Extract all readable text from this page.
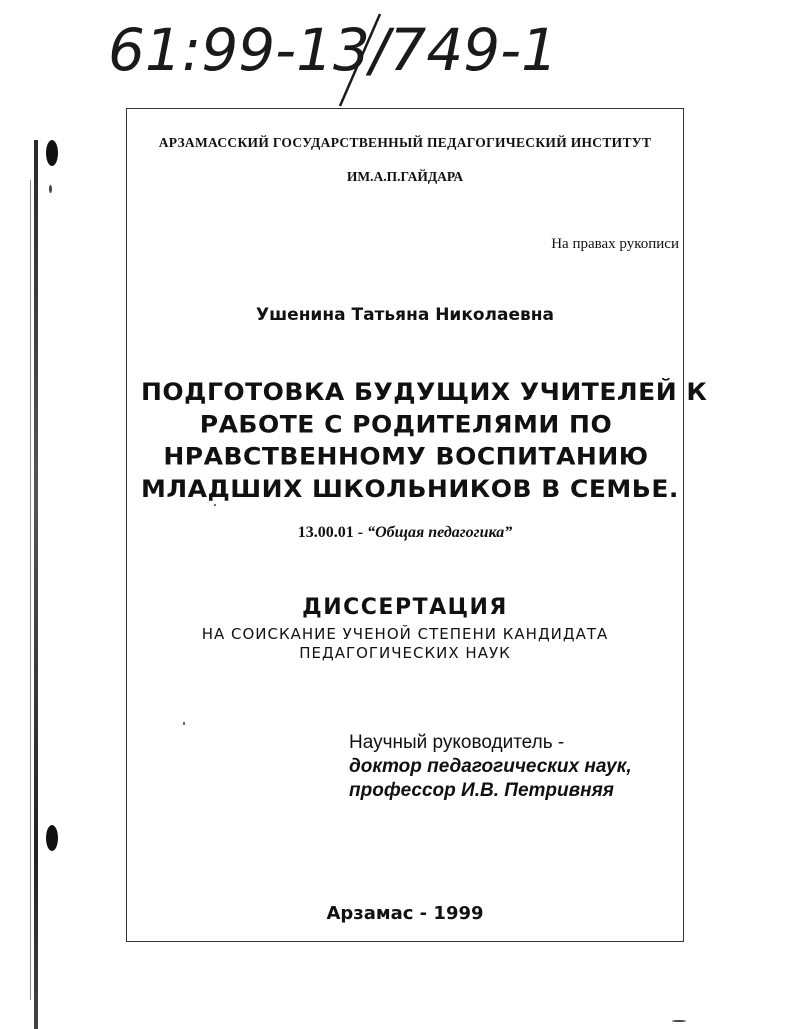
61:99-13/749-1
АРЗАМАССКИЙ ГОСУДАРСТВЕННЫЙ ПЕДАГОГИЧЕСКИЙ ИНСТИТУТ
ИМ.А.П.ГАЙДАРА
На правах рукописи
Ушенина Татьяна Николаевна
ПОДГОТОВКА БУДУЩИХ УЧИТЕЛЕЙ К
РАБОТЕ С РОДИТЕЛЯМИ ПО
НРАВСТВЕННОМУ ВОСПИТАНИЮ
МЛАДШИХ ШКОЛЬНИКОВ В СЕМЬЕ.
13.00.01 - “Общая педагогика”
ДИССЕРТАЦИЯ
НА СОИСКАНИЕ УЧЕНОЙ СТЕПЕНИ КАНДИДАТА
ПЕДАГОГИЧЕСКИХ НАУК
Научный руководитель -
доктор педагогических наук,
профессор И.В. Петривняя
Арзамас - 1999
